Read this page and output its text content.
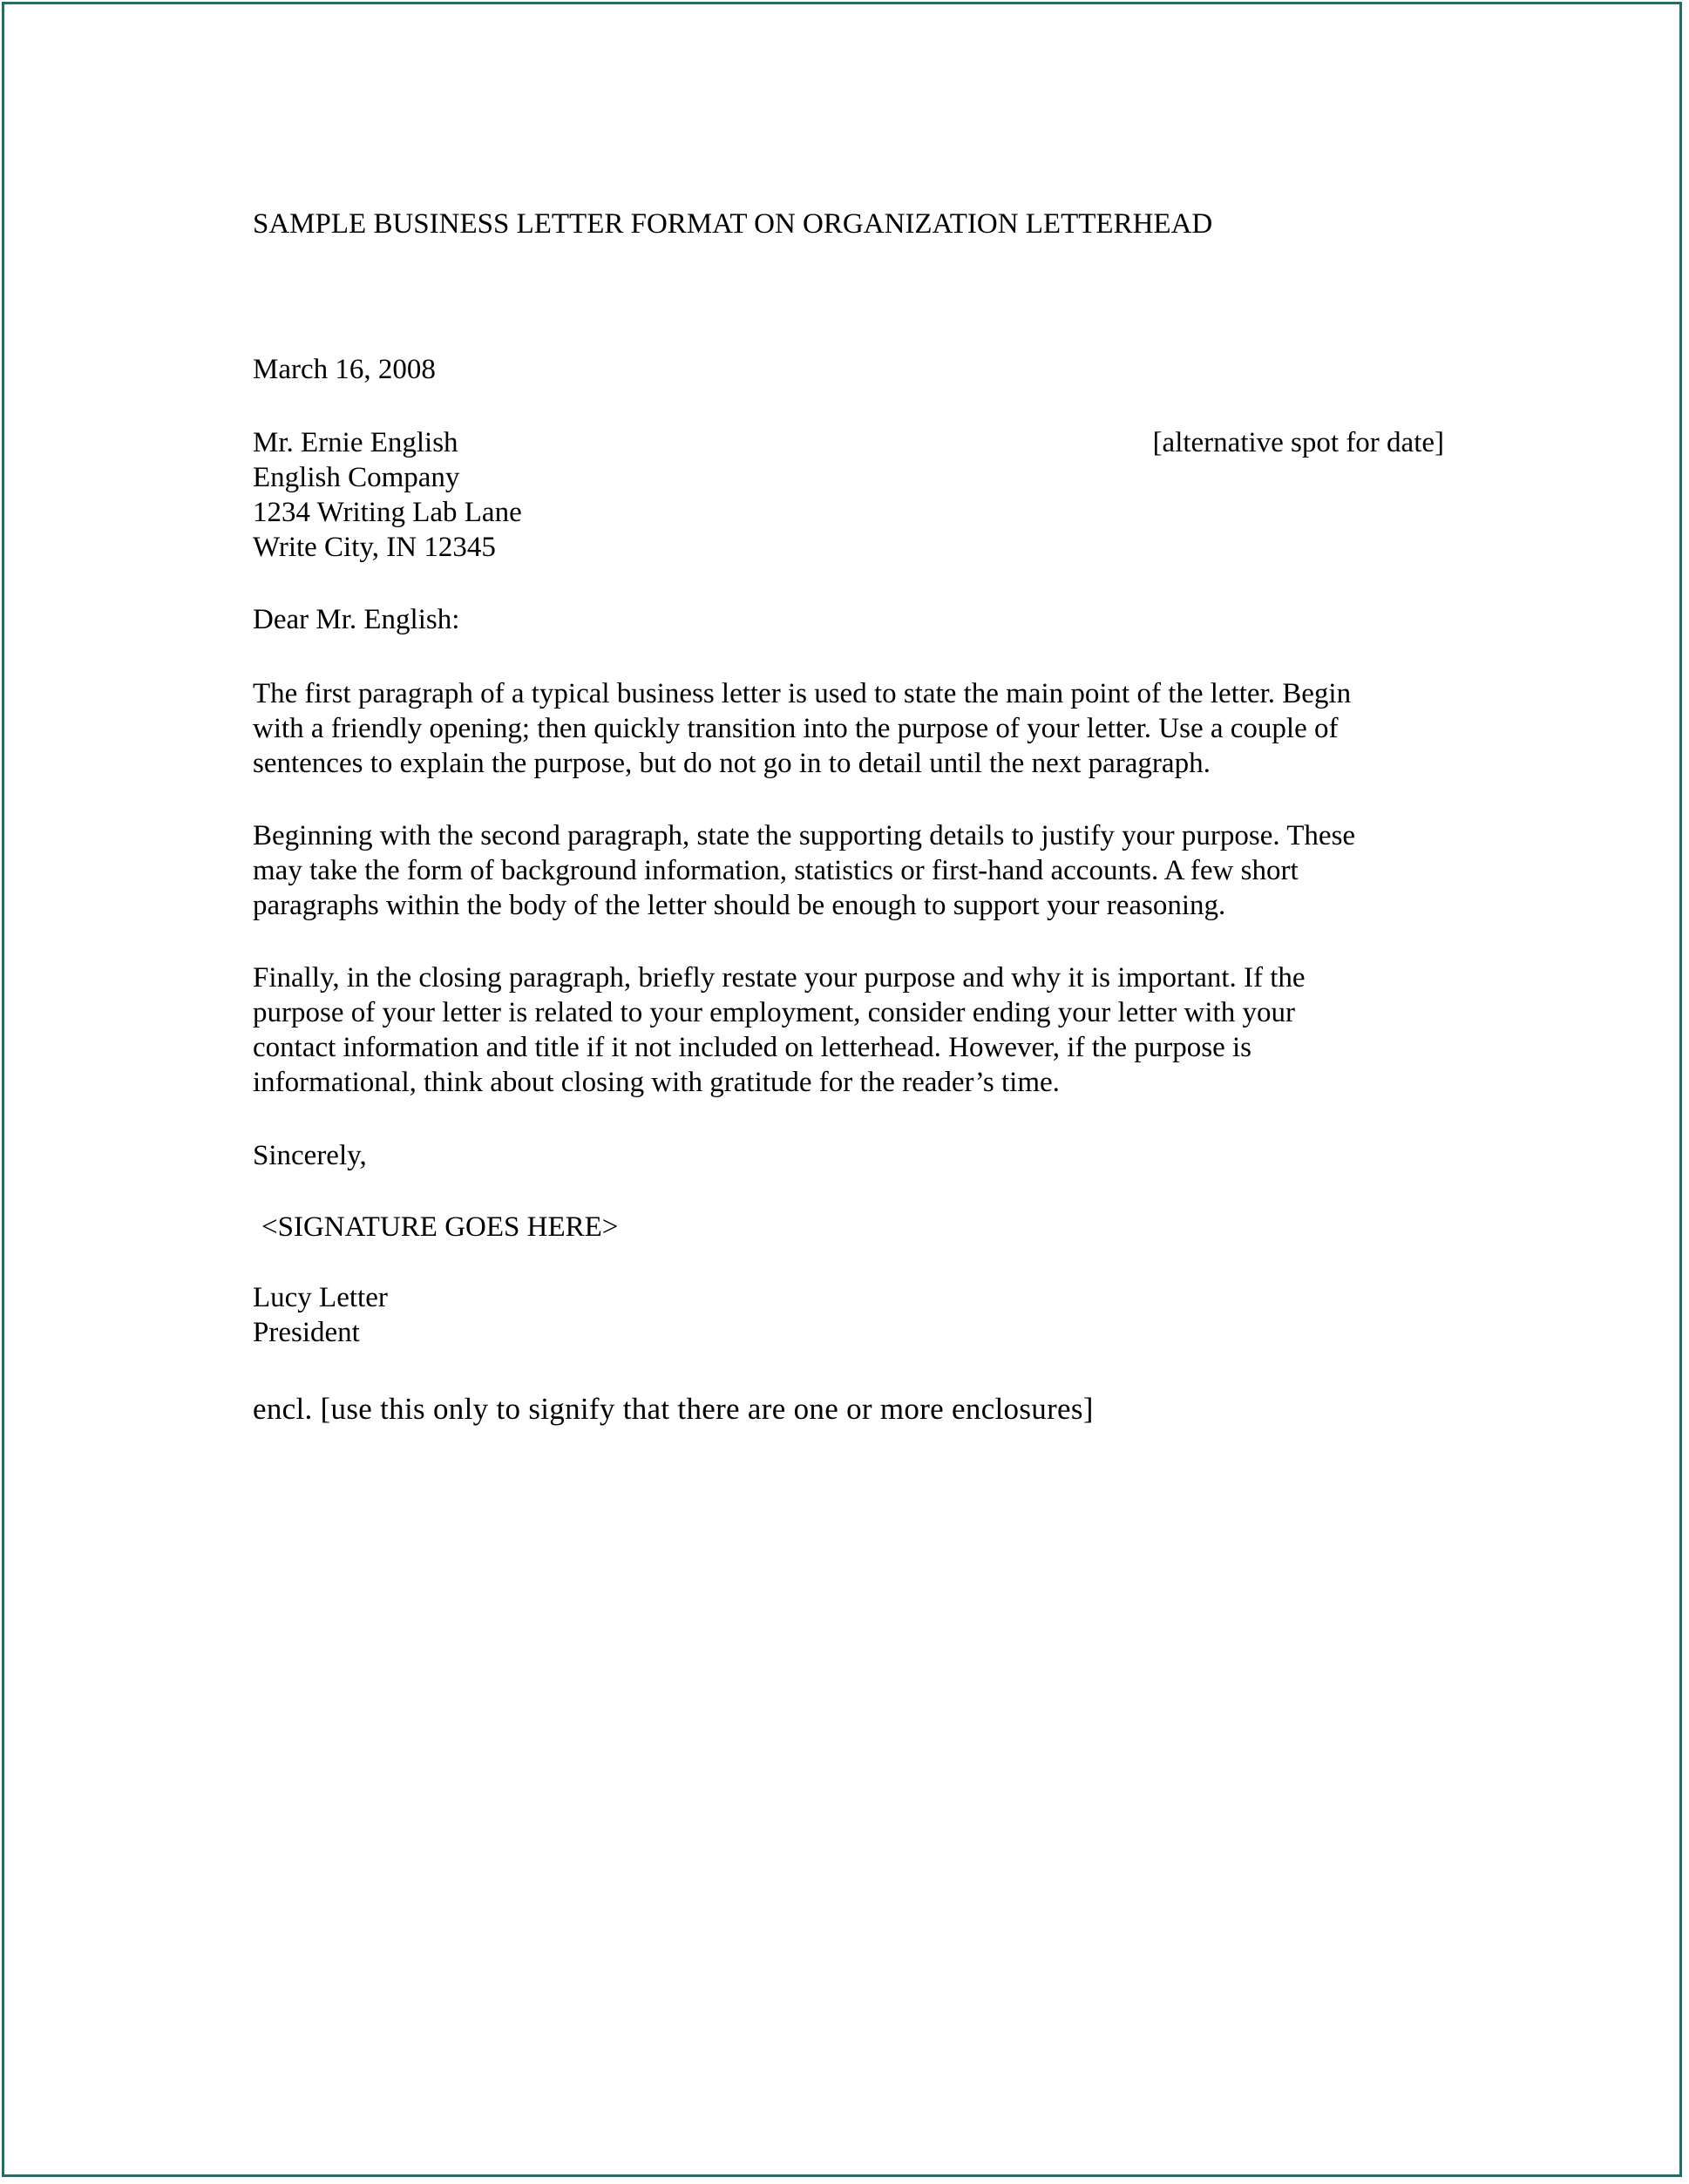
SAMPLE BUSINESS LETTER FORMAT ON ORGANIZATION LETTERHEAD
March 16, 2008
Mr. Ernie English
English Company
1234 Writing Lab Lane
Write City, IN 12345
[alternative spot for date]
Dear Mr. English:
The first paragraph of a typical business letter is used to state the main point of the letter. Begin
with a friendly opening; then quickly transition into the purpose of your letter. Use a couple of
sentences to explain the purpose, but do not go in to detail until the next paragraph.
Beginning with the second paragraph, state the supporting details to justify your purpose. These
may take the form of background information, statistics or first-hand accounts. A few short
paragraphs within the body of the letter should be enough to support your reasoning.
Finally, in the closing paragraph, briefly restate your purpose and why it is important. If the
purpose of your letter is related to your employment, consider ending your letter with your
contact information and title if it not included on letterhead. However, if the purpose is
informational, think about closing with gratitude for the reader’s time.
Sincerely,
<SIGNATURE GOES HERE>
Lucy Letter
President
encl. [use this only to signify that there are one or more enclosures]
